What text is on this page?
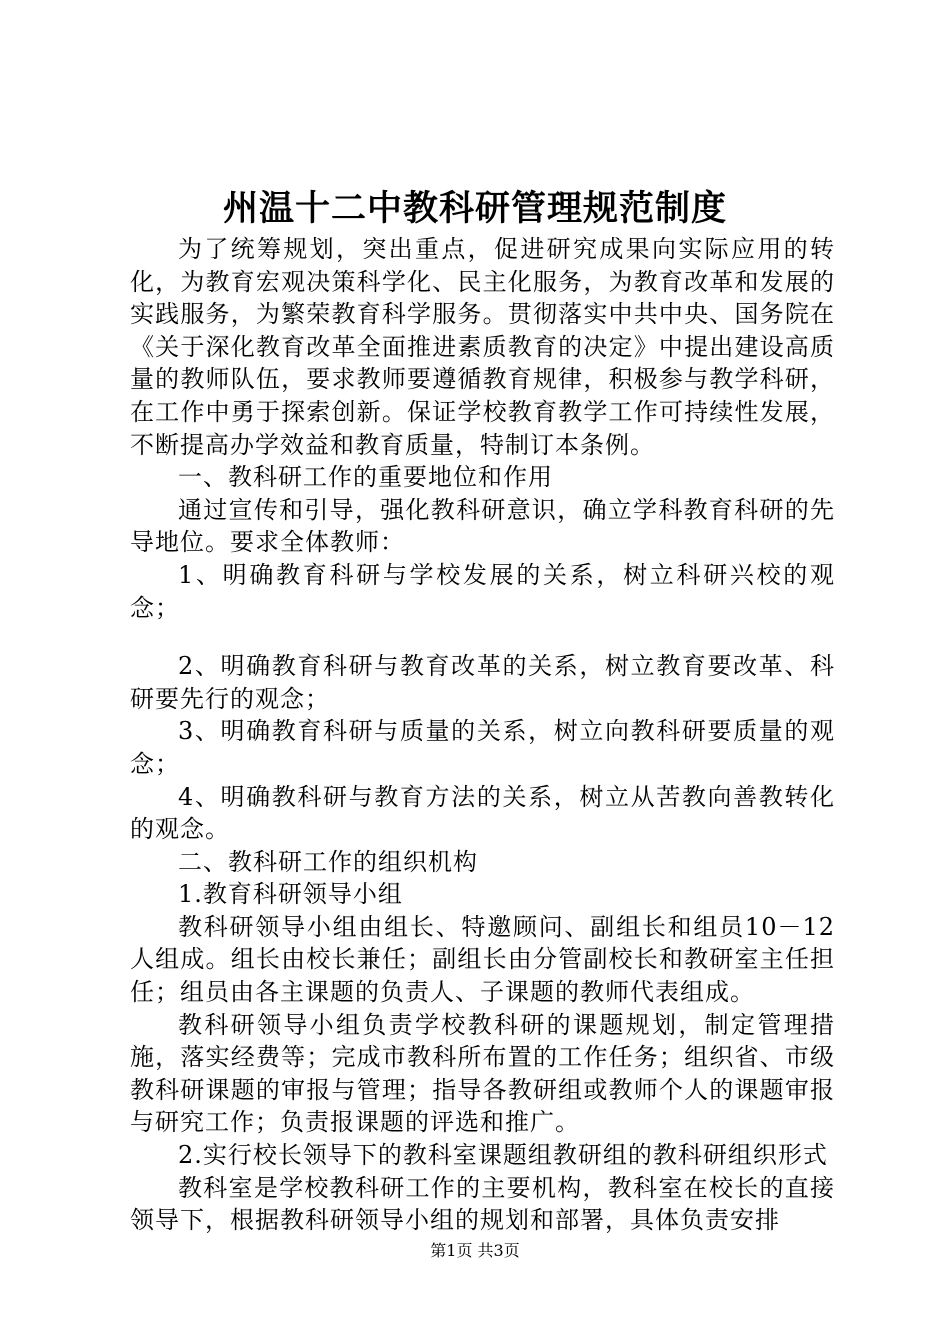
州温十二中教科研管理规范制度

为了统筹规划，突出重点，促进研究成果向实际应用的转化，为教育宏观决策科学化、民主化服务，为教育改革和发展的实践服务，为繁荣教育科学服务。贯彻落实中共中央、国务院在《关于深化教育改革全面推进素质教育的决定》中提出建设高质量的教师队伍，要求教师要遵循教育规律，积极参与教学科研，在工作中勇于探索创新。保证学校教育教学工作可持续性发展，不断提高办学效益和教育质量，特制订本条例。

一、教科研工作的重要地位和作用

通过宣传和引导，强化教科研意识，确立学科教育科研的先导地位。要求全体教师：

1、明确教育科研与学校发展的关系，树立科研兴校的观念；

2、明确教育科研与教育改革的关系，树立教育要改革、科研要先行的观念；

3、明确教育科研与质量的关系，树立向教科研要质量的观念；

4、明确教科研与教育方法的关系，树立从苦教向善教转化的观念。

二、教科研工作的组织机构

1.教育科研领导小组

教科研领导小组由组长、特邀顾问、副组长和组员10－12人组成。组长由校长兼任；副组长由分管副校长和教研室主任担任；组员由各主课题的负责人、子课题的教师代表组成。

教科研领导小组负责学校教科研的课题规划，制定管理措施，落实经费等；完成市教科所布置的工作任务；组织省、市级教科研课题的审报与管理；指导各教研组或教师个人的课题审报与研究工作；负责报课题的评选和推广。

2.实行校长领导下的教科室课题组教研组的教科研组织形式

教科室是学校教科研工作的主要机构，教科室在校长的直接领导下，根据教科研领导小组的规划和部署，具体负责安排

第1页 共3页
